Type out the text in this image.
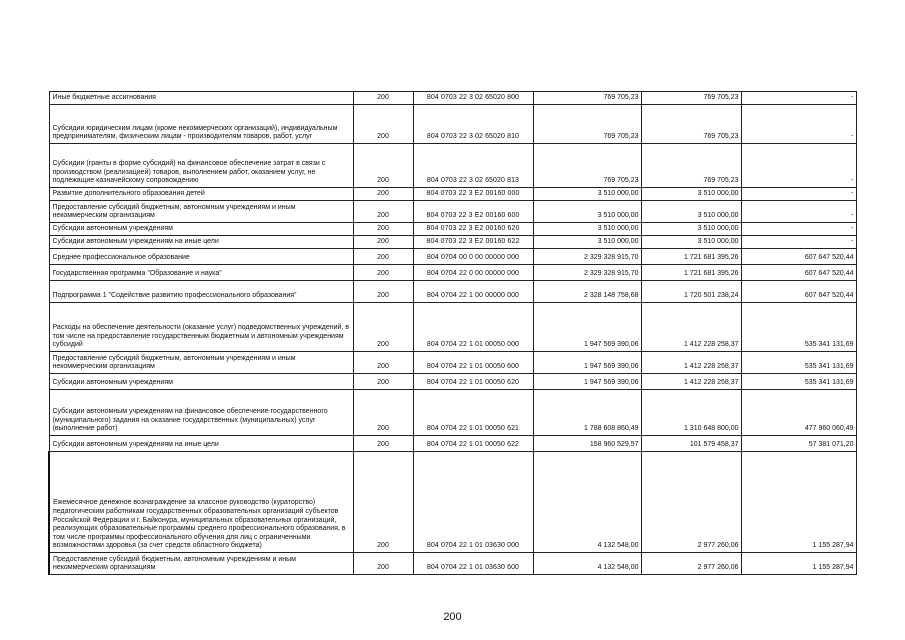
Иные бюджетные ассигнования	200	804 0703 22 3 02 65020 800	769 705,23	769 705,23	-
Субсидии юридическим лицам (кроме некоммерческих организаций), индивидуальным предпринимателям, физическим лицам - производителям товаров, работ, услуг	200	804 0703 22 3 02 65020 810	769 705,23	769 705,23	-
Субсидии (гранты в форме субсидий) на финансовое обеспечение затрат в связи с производством (реализацией) товаров, выполнением работ, оказанием услуг, не подлежащие казначейскому сопровождению	200	804 0703 22 3 02 65020 813	769 705,23	769 705,23	-
Развитие дополнительного образования детей	200	804 0703 22 3 E2 00160 000	3 510 000,00	3 510 000,00	-
Предоставление субсидий бюджетным, автономным учреждениям и иным некоммерческим организациям	200	804 0703 22 3 E2 00160 600	3 510 000,00	3 510 000,00	-
Субсидии автономным учреждениям	200	804 0703 22 3 E2 00160 620	3 510 000,00	3 510 000,00	-
Субсидии автономным учреждениям на иные цели	200	804 0703 22 3 E2 00160 622	3 510 000,00	3 510 000,00	-
Среднее профессиональное образование	200	804 0704 00 0 00 00000 000	2 329 328 915,70	1 721 681 395,26	607 647 520,44
Государственная программа "Образование и наука"	200	804 0704 22 0 00 00000 000	2 329 328 915,70	1 721 681 395,26	607 647 520,44
Подпрограмма 1 "Содействие развитию профессионального образования"	200	804 0704 22 1 00 00000 000	2 328 148 758,68	1 720 501 238,24	607 647 520,44
Расходы на обеспечение деятельности (оказание услуг) подведомственных учреждений, в том числе на предоставление государственным бюджетным и автономным учреждениям субсидий	200	804 0704 22 1 01 00050 000	1 947 569 390,06	1 412 228 258,37	535 341 131,69
Предоставление субсидий бюджетным, автономным учреждениям и иным некоммерческим организациям	200	804 0704 22 1 01 00050 600	1 947 569 390,06	1 412 228 258,37	535 341 131,69
Субсидии автономным учреждениям	200	804 0704 22 1 01 00050 620	1 947 569 390,06	1 412 228 258,37	535 341 131,69
Субсидии автономным учреждениям на финансовое обеспечение государственного (муниципального) задания на оказание государственных (муниципальных) услуг (выполнение работ)	200	804 0704 22 1 01 00050 621	1 788 608 860,49	1 310 648 800,00	477 960 060,49
Субсидии автономным учреждениям на иные цели	200	804 0704 22 1 01 00050 622	158 960 529,57	101 579 458,37	57 381 071,20
Ежемесячное денежное вознаграждение за классное руководство (кураторство) педагогическим работникам государственных образовательных организаций субъектов Российской Федерации и г. Байконура, муниципальных образовательных организаций, реализующих образовательные программы среднего профессионального образования, в том числе программы профессионального обучения для лиц с ограниченными возможностями здоровья (за счет средств областного бюджета)	200	804 0704 22 1 01 03630 000	4 132 548,00	2 977 260,06	1 155 287,94
Предоставление субсидий бюджетным, автономным учреждениям и иным некоммерческим организациям	200	804 0704 22 1 01 03630 600	4 132 548,00	2 977 260,06	1 155 287,94
200
